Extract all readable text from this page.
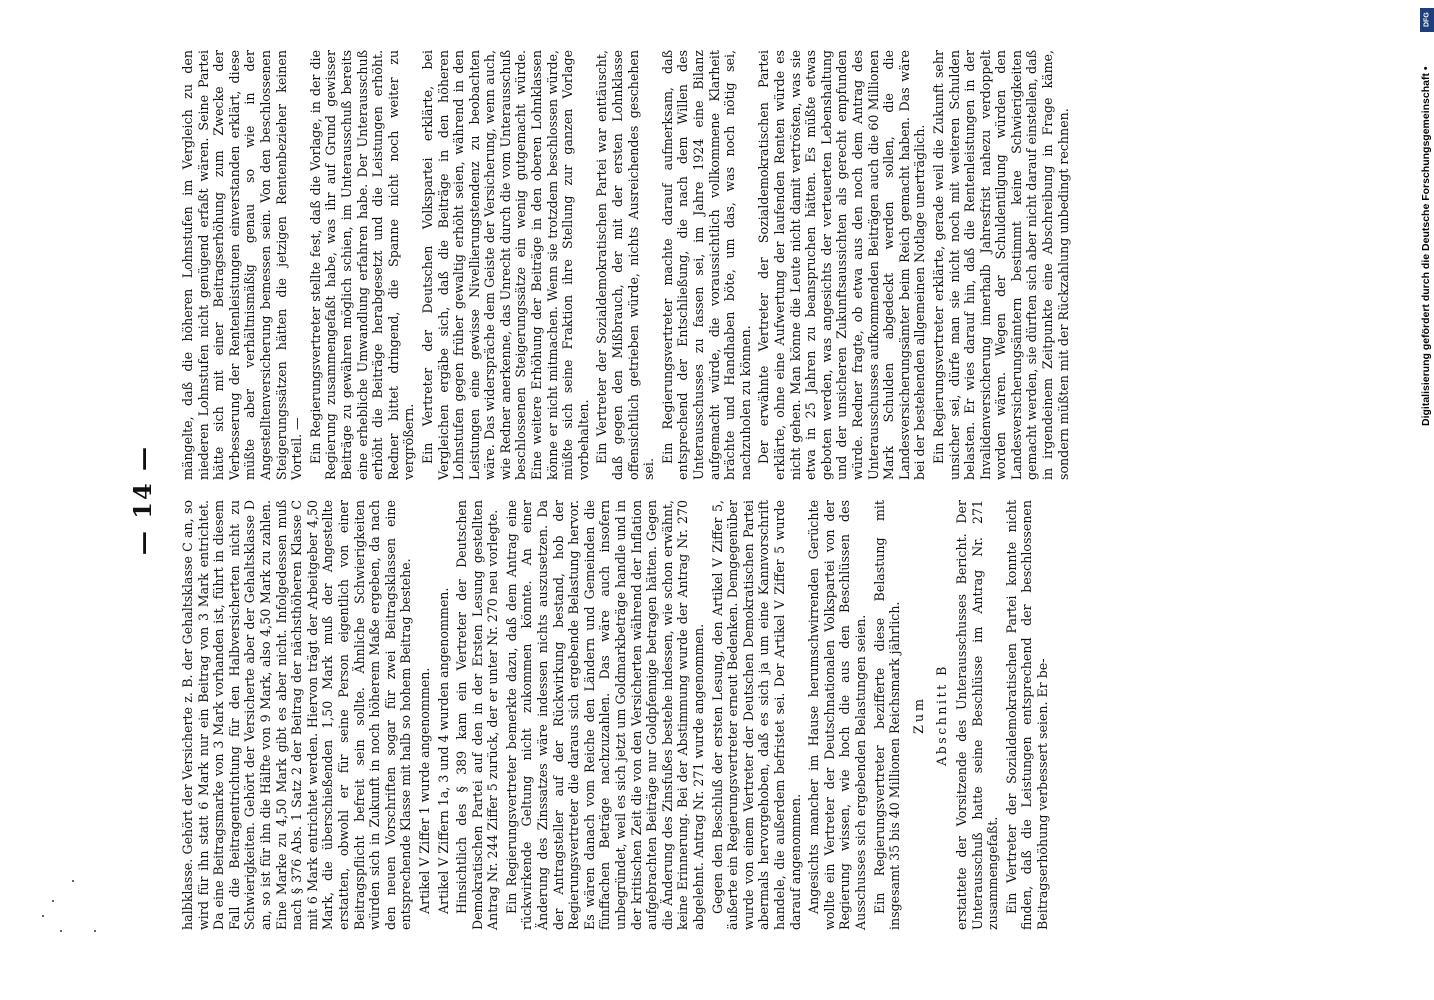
— 14 —	halbklasse. Gehört der Versicherte z. B. der Gehaltsklasse C an, so wird für ihn statt 6 Mark nur ein Beitrag von 3 Mark entrichtet. Da eine Beitragsmarke von 3 Mark vorhanden ist, führt in diesem Fall die Beitragentrichtung für den Halbversicherten nicht zu Schwierigkeiten. Gehört der Versicherte aber der Gehaltsklasse D an, so ist für ihn die Hälfte von 9 Mark, also 4,50 Mark zu zahlen. Eine Marke zu 4,50 Mark gibt es aber nicht. Infolgedessen muß nach § 376 Abs. 1 Satz 2 der Beitrag der nächsthöheren Klasse C mit 6 Mark entrichtet werden. Hiervon trägt der Arbeitgeber 4,50 Mark, die überschießenden 1,50 Mark muß der Angestellte erstatten, obwohl er für seine Person eigentlich von einer Beitragspflicht befreit sein sollte. Ähnliche Schwierigkeiten würden sich in Zukunft in noch höherem Maße ergeben, da nach den neuen Vorschriften sogar für zwei Beitragsklassen eine entsprechende Klasse mit halb so hohem Beitrag bestehe. Artikel V Ziffer 1 wurde angenommen. Artikel V Ziffern 1a, 3 und 4 wurden angenommen. Hinsichtlich des § 389 kam ein Vertreter der Deutschen Demokratischen Partei auf den in der Ersten Lesung gestellten Antrag Nr. 244 Ziffer 5 zurück, der er unter Nr. 270 neu vorlegte. Ein Regierungsvertreter bemerkte dazu, daß dem Antrag eine rückwirkende Geltung nicht zukommen könnte. An einer Änderung des Zinssatzes wäre indessen nichts auszusetzen. Da der Antragsteller auf der Rückwirkung bestand, hob der Regierungsvertreter die daraus sich ergebende Belastung hervor. Es wären danach vom Reiche den Ländern und Gemeinden die fünffachen Beträge nachzuzahlen. Das wäre auch insofern unbegründet, weil es sich jetzt um Goldmarkbeträge handle und in der kritischen Zeit die von den Versicherten während der Inflation aufgebrachten Beiträge nur Goldpfennige betragen hätten. Gegen die Änderung des Zinsfußes bestehe indessen, wie schon erwähnt, keine Erinnerung. Bei der Abstimmung wurde der Antrag Nr. 270 abgelehnt. Antrag Nr. 271 wurde angenommen. Gegen den Beschluß der ersten Lesung, den Artikel V Ziffer 5, äußerte ein Regierungsvertreter erneut Bedenken. Demgegenüber wurde von einem Vertreter der Deutschen Demokratischen Partei abermals hervorgehoben, daß es sich ja um eine Kannvorschrift handele, die außerdem befristet sei. Der Artikel V Ziffer 5 wurde darauf angenommen. Angesichts mancher im Hause herumschwirrenden Gerüchte wollte ein Vertreter der Deutschnationalen Volkspartei von der Regierung wissen, wie hoch die aus den Beschlüssen des Ausschusses sich ergebenden Belastungen seien. Ein Regierungsvertreter bezifferte diese Belastung mit insgesamt 35 bis 40 Millionen Reichsmark jährlich. Zum Abschnitt B erstattete der Vorsitzende des Unterausschusses Bericht. Der Unterausschuß hatte seine Beschlüsse im Antrag Nr. 271 zusammengefaßt. Ein Vertreter der Sozialdemokratischen Partei konnte nicht finden, daß die Leistungen entsprechend der beschlossenen Beitragserhöhung verbessert seien. Er be-

mängelte, daß die höheren Lohnstufen im Vergleich zu den niederen Lohnstufen nicht genügend erfaßt wären. Seine Partei hätte sich mit einer Beitragserhöhung zum Zwecke der Verbesserung der Rentenleistungen einverstanden erklärt, diese müßte aber verhältnismäßig genau so wie in der Angestelltenversicherung bemessen sein. Von den beschlossenen Steigerungssätzen hätten die jetzigen Rentenbezieher keinen Vorteil. — Ein Regierungsvertreter stellte fest, daß die Vorlage, in der die Regierung zusammengefaßt habe, was ihr auf Grund gewisser Beiträge zu gewähren möglich schien, im Unterausschuß bereits eine erhebliche Umwandlung erfahren habe. Der Unterausschuß erhöht die Beiträge herabgesetzt und die Leistungen erhöht. Redner bittet dringend, die Spanne nicht noch weiter zu vergrößern. Ein Vertreter der Deutschen Volkspartei erklärte, bei Vergleichen ergäbe sich, daß die Beiträge in den höheren Lohnstufen gegen früher gewaltig erhöht seien, während in den Leistungen eine gewisse Nivellierungstendenz zu beobachten wäre. Das widerspräche dem Geiste der Versicherung, wenn auch, wie Redner anerkenne, das Unrecht durch die vom Unterausschuß beschlossenen Steigerungssätze ein wenig gutgemacht würde. Eine weitere Erhöhung der Beiträge in den oberen Lohnklassen könne er nicht mitmachen. Wenn sie trotzdem beschlossen würde, müßte sich seine Fraktion ihre Stellung zur ganzen Vorlage vorbehalten. Ein Vertreter der Sozialdemokratischen Partei war enttäuscht, daß gegen den Mißbrauch, der mit der ersten Lohnklasse offensichtlich getrieben würde, nichts Ausreichendes geschehen sei.

Ein Regierungsvertreter machte darauf aufmerksam, daß entsprechend der Entschließung, die nach dem Willen des Unterausschusses zu fassen sei, im Jahre 1924 eine Bilanz aufgemacht würde, die voraussichtlich vollkommene Klarheit brächte und Handhaben böte, um das, was noch nötig sei, nachzuholen zu können. Der erwähnte Vertreter der Sozialdemokratischen Partei erklärte, ohne eine Aufwertung der laufenden Renten würde es nicht gehen. Man könne die Leute nicht damit vertrösten, was sie etwa in 25 Jahren zu beanspruchen hätten. Es müßte etwas geboten werden, was angesichts der verteuerten Lebenshaltung und der unsicheren Zukunftsaussichten als gerecht empfunden würde. Redner fragte, ob etwa aus den noch dem Antrag des Unterausschusses aufkommenden Beiträgen auch die 60 Millionen Mark Schulden abgedeckt werden sollen, die die Landesversicherungsämter beim Reich gemacht haben. Das wäre bei der bestehenden allgemeinen Notlage unerträglich. Ein Regierungsvertreter erklärte, gerade weil die Zukunft sehr unsicher sei, dürfe man sie nicht noch mit weiteren Schulden belasten. Er wies darauf hin, daß die Rentenleistungen in der Invalidenversicherung innerhalb Jahresfrist nahezu verdoppelt worden wären. Wegen der Schuldentilgung würden den Landesversicherungsämtern bestimmt keine Schwierigkeiten gemacht werden, sie dürften sich aber nicht darauf einstellen, daß in irgendeinem Zeitpunkte eine Abschreibung in Frage käme, sondern müßten mit der Rückzahlung unbedingt rechnen.

DFG
Digitalisierung gefördert durch die Deutsche Forschungsgemeinschaft •
